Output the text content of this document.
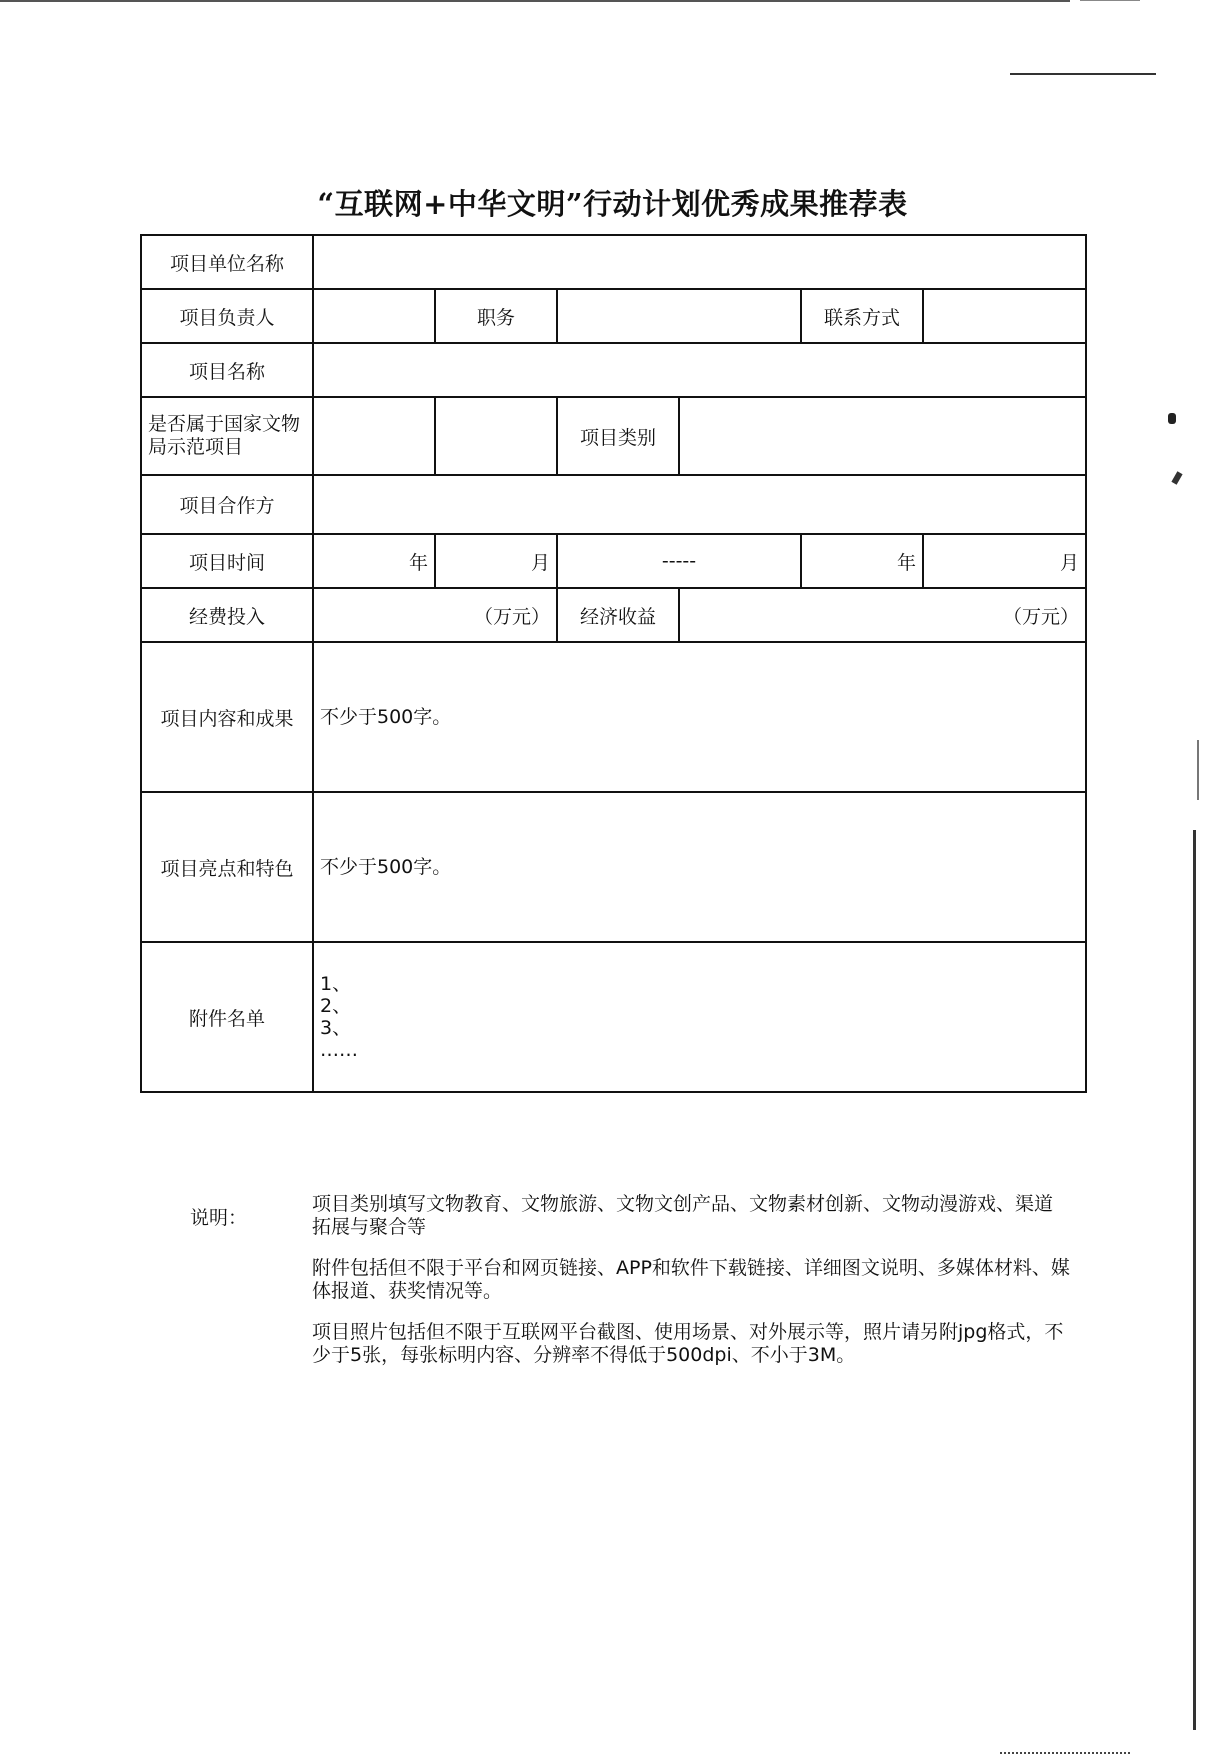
“互联网+中华文明”行动计划优秀成果推荐表
项目单位名称						
项目负责人		职务			联系方式	
项目名称						
是否属于国家文物局示范项目			项目类别			
项目合作方						
项目时间	年	月	-----		年	月
经费投入	（万元）		经济收益	（万元）		
项目内容和成果	不少于500字。					
项目亮点和特色	不少于500字。					
附件名单	1、
2、
3、
……					
说明：

项目类别填写文物教育、文物旅游、文物文创产品、文物素材创新、文物动漫游戏、渠道拓展与聚合等

附件包括但不限于平台和网页链接、APP和软件下载链接、详细图文说明、多媒体材料、媒体报道、获奖情况等。

项目照片包括但不限于互联网平台截图、使用场景、对外展示等，照片请另附jpg格式，不少于5张，每张标明内容、分辨率不得低于500dpi、不小于3M。
